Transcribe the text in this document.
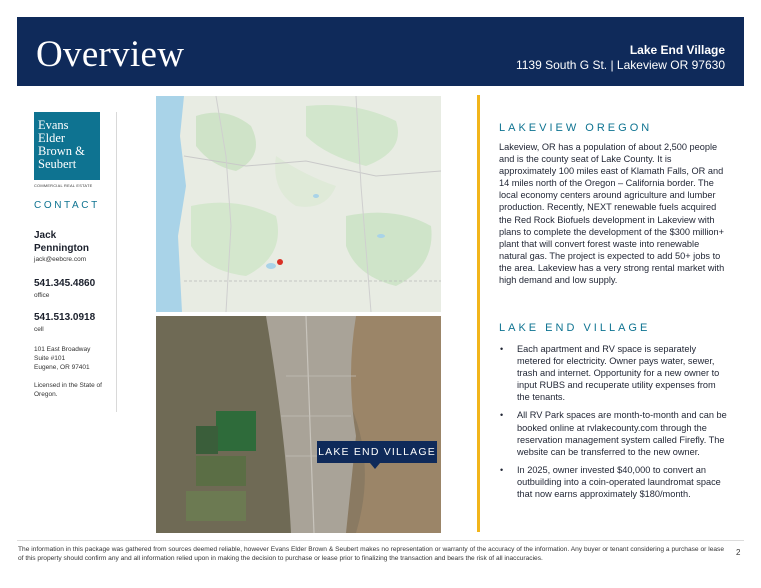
Overview	Lake End Village
1139 South G St. | Lakeview OR 97630
Evans
Elder
Brown &
Seubert
COMMERCIAL REAL ESTATE
CONTACT
Jack Pennington
jack@eebcre.com
541.345.4860
office
541.513.0918
cell
101 East Broadway
Suite #101
Eugene, OR 97401
Licensed in the State of Oregon.
LAKE END VILLAGE
LAKEVIEW OREGON
Lakeview, OR has a population of about 2,500 people and is the county seat of Lake County. It is approximately 100 miles east of Klamath Falls, OR and 14 miles north of the Oregon – California border. The local economy centers around agriculture and lumber production. Recently, NEXT renewable fuels acquired the Red Rock Biofuels development in Lakeview with plans to complete the development of the $300 million+ plant that will convert forest waste into renewable natural gas. The project is expected to add 50+ jobs to the area. Lakeview has a very strong rental market with high demand and low supply.
LAKE END VILLAGE
• Each apartment and RV space is separately metered for electricity. Owner pays water, sewer, trash and internet. Opportunity for a new owner to input RUBS and recuperate utility expenses from the tenants.
• All RV Park spaces are month-to-month and can be booked online at rvlakecounty.com through the reservation management system called Firefly. The website can be transferred to the new owner.
• In 2025, owner invested $40,000 to convert an outbuilding into a coin-operated laundromat space that now earns approximately $180/month.
The information in this package was gathered from sources deemed reliable, however Evans Elder Brown & Seubert makes no representation or warranty of the accuracy of the information. Any buyer or tenant considering a purchase or lease of this property should confirm any and all information relied upon in making the decision to purchase or lease prior to finalizing the transaction and bears the risk of all inaccuracies.
2
